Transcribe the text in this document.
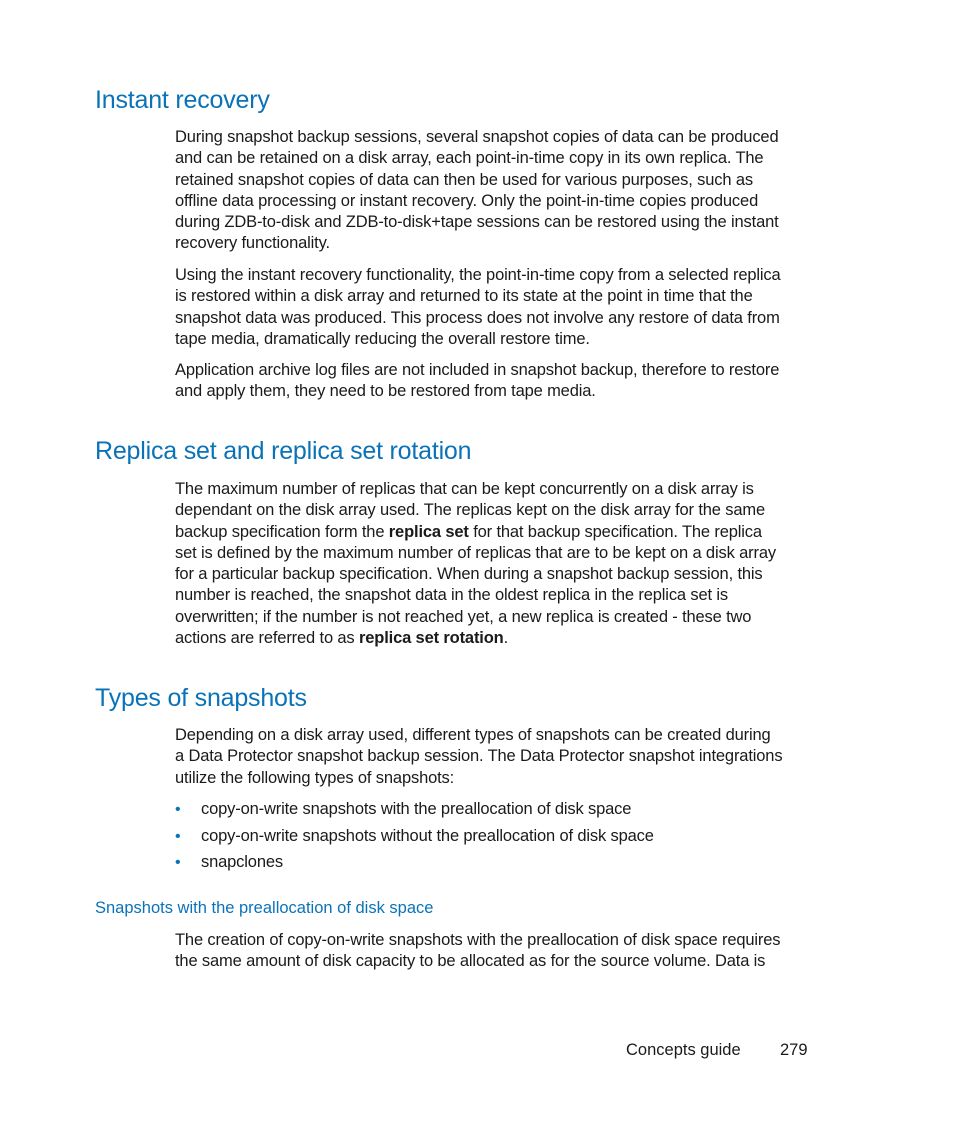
Instant recovery
During snapshot backup sessions, several snapshot copies of data can be produced
and can be retained on a disk array, each point-in-time copy in its own replica. The
retained snapshot copies of data can then be used for various purposes, such as
offline data processing or instant recovery. Only the point-in-time copies produced
during ZDB-to-disk and ZDB-to-disk+tape sessions can be restored using the instant
recovery functionality.
Using the instant recovery functionality, the point-in-time copy from a selected replica
is restored within a disk array and returned to its state at the point in time that the
snapshot data was produced. This process does not involve any restore of data from
tape media, dramatically reducing the overall restore time.
Application archive log files are not included in snapshot backup, therefore to restore
and apply them, they need to be restored from tape media.
Replica set and replica set rotation
The maximum number of replicas that can be kept concurrently on a disk array is
dependant on the disk array used. The replicas kept on the disk array for the same
backup specification form the replica set for that backup specification. The replica
set is defined by the maximum number of replicas that are to be kept on a disk array
for a particular backup specification. When during a snapshot backup session, this
number is reached, the snapshot data in the oldest replica in the replica set is
overwritten; if the number is not reached yet, a new replica is created - these two
actions are referred to as replica set rotation.
Types of snapshots
Depending on a disk array used, different types of snapshots can be created during
a Data Protector snapshot backup session. The Data Protector snapshot integrations
utilize the following types of snapshots:
• copy-on-write snapshots with the preallocation of disk space
• copy-on-write snapshots without the preallocation of disk space
• snapclones
Snapshots with the preallocation of disk space
The creation of copy-on-write snapshots with the preallocation of disk space requires
the same amount of disk capacity to be allocated as for the source volume. Data is
Concepts guide 279
